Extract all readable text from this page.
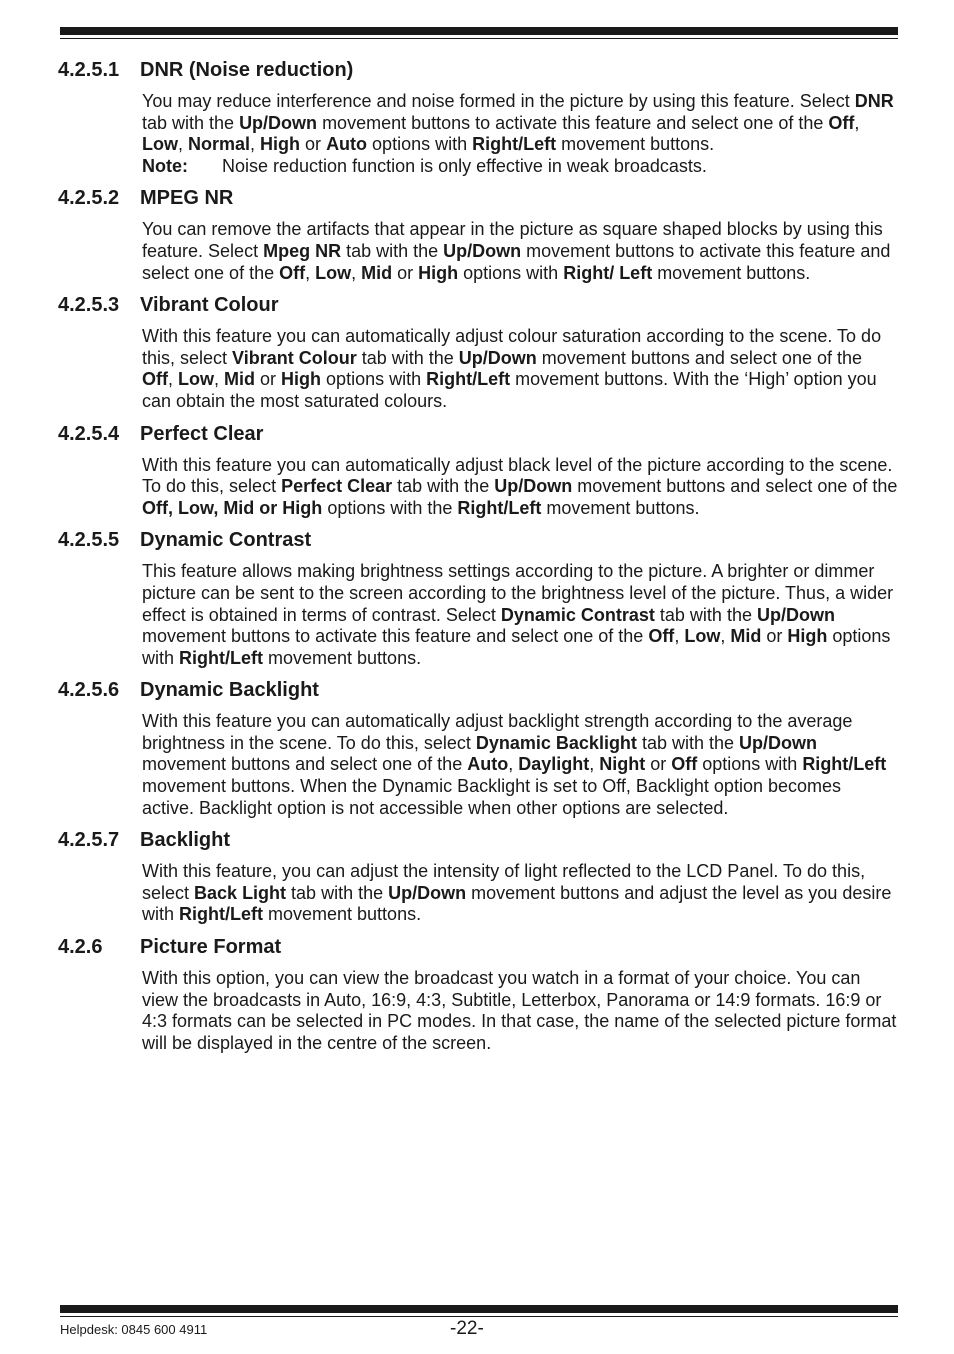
4.2.5.1 DNR (Noise reduction)
You may reduce interference and noise formed in the picture by using this feature. Select DNR tab with the Up/Down movement buttons to activate this feature and select one of the Off, Low, Normal, High or Auto options with Right/Left movement buttons.
Note: Noise reduction function is only effective in weak broadcasts.
4.2.5.2 MPEG NR
You can remove the artifacts that appear in the picture as square shaped blocks by using this feature. Select Mpeg NR tab with the Up/Down movement buttons to activate this feature and select one of the Off, Low, Mid or High options with Right/ Left movement buttons.
4.2.5.3 Vibrant Colour
With this feature you can automatically adjust colour saturation according to the scene. To do this, select Vibrant Colour tab with the Up/Down movement buttons and select one of the Off, Low, Mid or High options with Right/Left movement buttons. With the ‘High’ option you can obtain the most saturated colours.
4.2.5.4 Perfect Clear
With this feature you can automatically adjust black level of the picture according to the scene. To do this, select Perfect Clear tab with the Up/Down movement buttons and select one of the Off, Low, Mid or High options with the Right/Left movement buttons.
4.2.5.5 Dynamic Contrast
This feature allows making brightness settings according to the picture. A brighter or dimmer picture can be sent to the screen according to the brightness level of the picture. Thus, a wider effect is obtained in terms of contrast. Select Dynamic Contrast tab with the Up/Down movement buttons to activate this feature and select one of the Off, Low, Mid or High options with Right/Left movement buttons.
4.2.5.6 Dynamic Backlight
With this feature you can automatically adjust backlight strength according to the average brightness in the scene. To do this, select Dynamic Backlight tab with the Up/Down movement buttons and select one of the Auto, Daylight, Night or Off options with Right/Left movement buttons. When the Dynamic Backlight is set to Off, Backlight option becomes active. Backlight option is not accessible when other options are selected.
4.2.5.7 Backlight
With this feature, you can adjust the intensity of light reflected to the LCD Panel. To do this, select Back Light tab with the Up/Down movement buttons and adjust the level as you desire with Right/Left movement buttons.
4.2.6 Picture Format
With this option, you can view the broadcast you watch in a format of your choice. You can view the broadcasts in Auto, 16:9, 4:3, Subtitle, Letterbox, Panorama or 14:9 formats. 16:9 or 4:3 formats can be selected in PC modes. In that case, the name of the selected picture format will be displayed in the centre of the screen.
Helpdesk: 0845 600 4911	-22-
